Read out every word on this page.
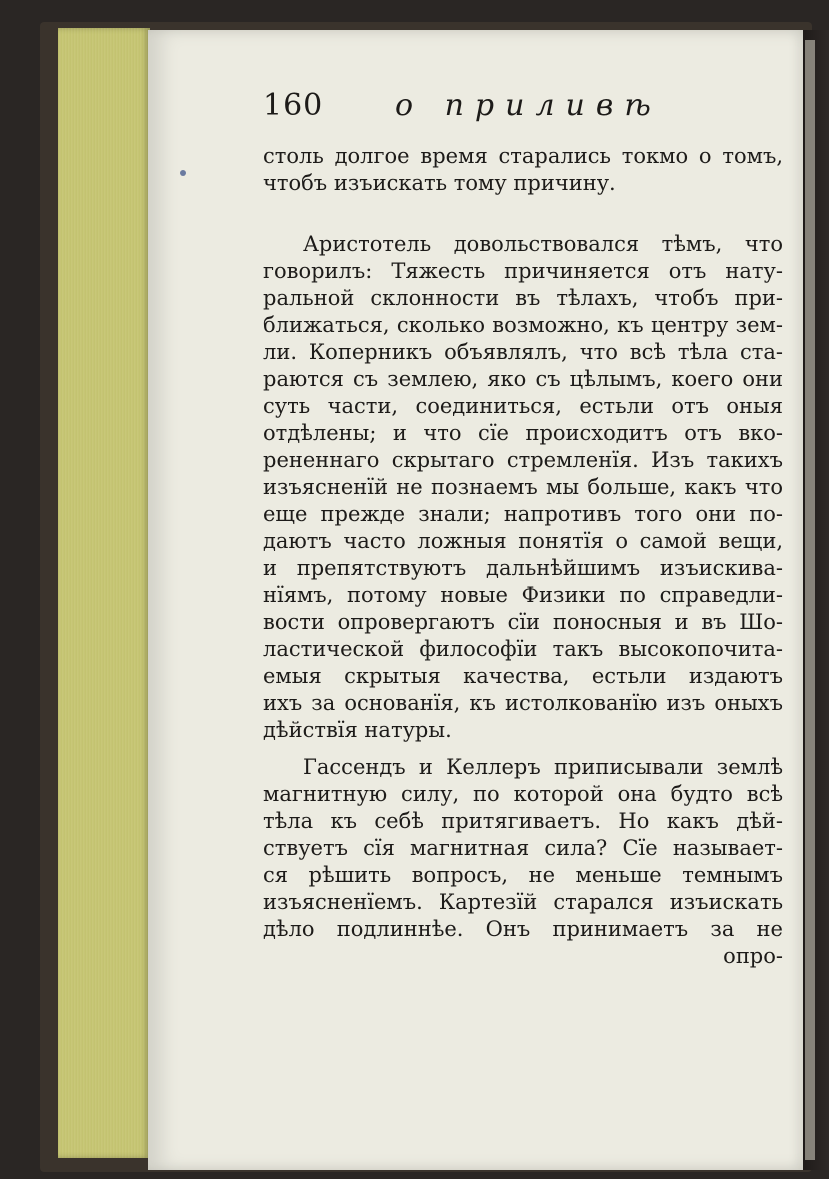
160 о приливѣ
столь долгое время старались токмо о томъ,
чтобъ изъискать тому причину.
Аристотель довольствовался тѣмъ, что
говорилъ: Тяжесть причиняется отъ нату-
ральной склонности въ тѣлахъ, чтобъ при-
ближаться, сколько возможно, къ центру зем-
ли. Коперникъ объявлялъ, что всѣ тѣла ста-
раются съ землею, яко съ цѣлымъ, коего они
суть части, соединиться, естьли отъ оныя
отдѣлены; и что сїе происходитъ отъ вко-
рененнаго скрытаго стремленїя. Изъ такихъ
изъясненїй не познаемъ мы больше, какъ что
еще прежде знали; напротивъ того они по-
даютъ часто ложныя понятїя о самой вещи,
и препятствуютъ дальнѣйшимъ изъискива-
нїямъ, потому новые Физики по справедли-
вости опровергаютъ сїи поносныя и въ Шо-
ластической философїи такъ высокопочита-
емыя скрытыя качества, естьли издаютъ
ихъ за основанїя, къ истолкованїю изъ оныхъ
дѣйствїя натуры.
Гассендъ и Келлеръ приписывали землѣ
магнитную силу, по которой она будто всѣ
тѣла къ себѣ притягиваетъ. Но какъ дѣй-
ствуетъ сїя магнитная сила? Сїе называет-
ся рѣшить вопросъ, не меньше темнымъ
изъясненїемъ. Картезїй старался изъискать
дѣло подлиннѣе. Онъ принимаетъ за не
опро-
